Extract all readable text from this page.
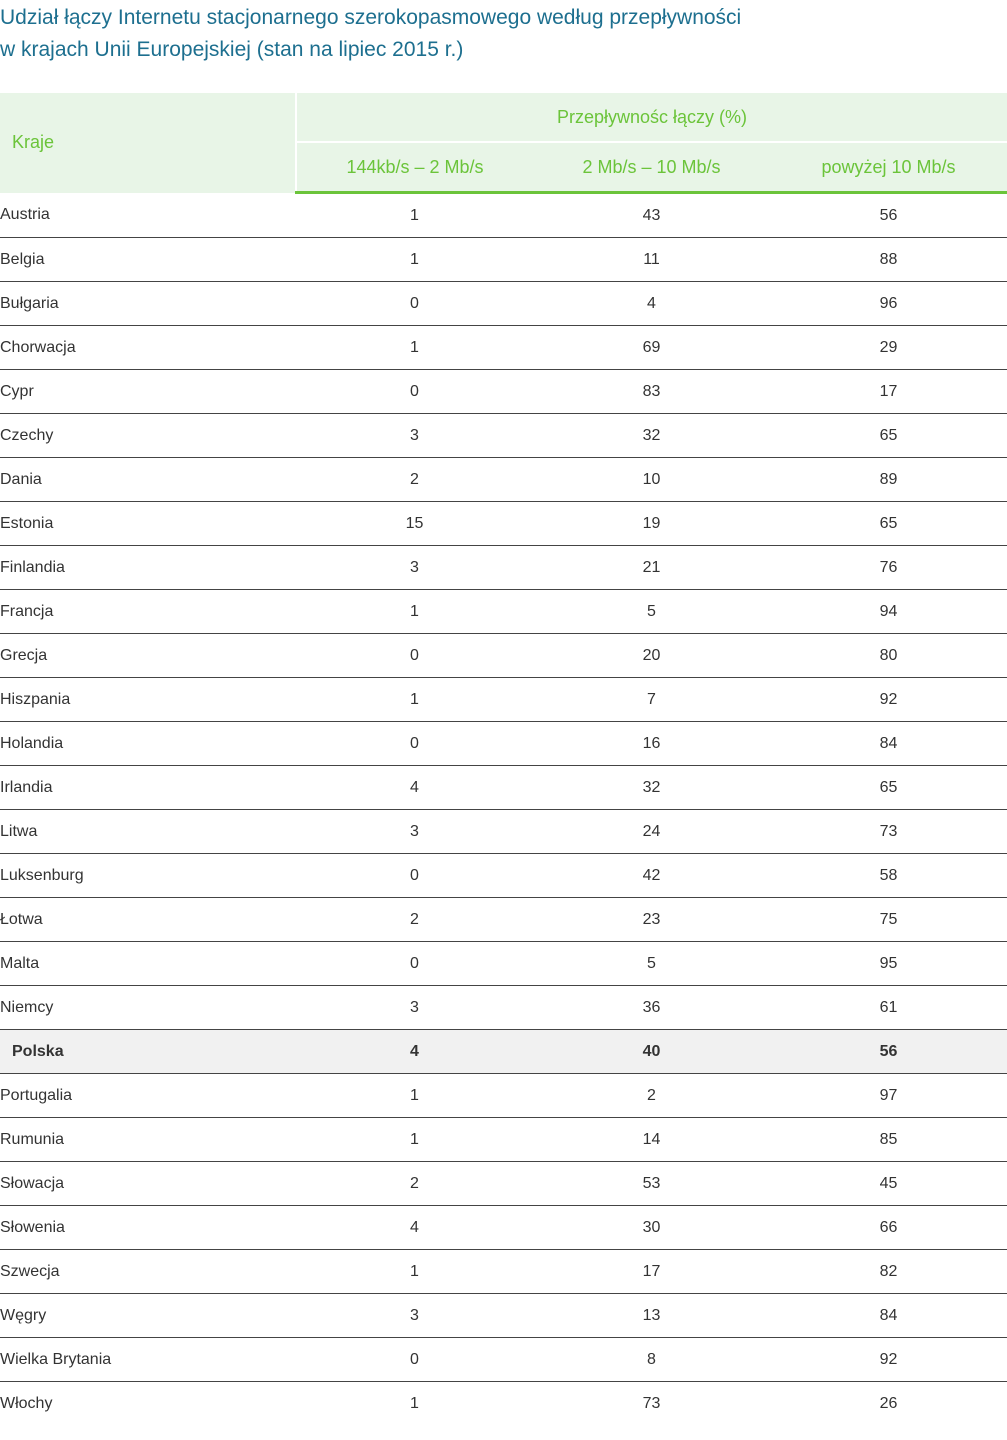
Udział łączy Internetu stacjonarnego szerokopasmowego według przepływności
w krajach Unii Europejskiej (stan na lipiec 2015 r.)
Kraje	Przepływnośc łączy (%)		
	144kb/s – 2 Mb/s	2 Mb/s – 10 Mb/s	powyżej 10 Mb/s
Austria	1	43	56
Belgia	1	11	88
Bułgaria	0	4	96
Chorwacja	1	69	29
Cypr	0	83	17
Czechy	3	32	65
Dania	2	10	89
Estonia	15	19	65
Finlandia	3	21	76
Francja	1	5	94
Grecja	0	20	80
Hiszpania	1	7	92
Holandia	0	16	84
Irlandia	4	32	65
Litwa	3	24	73
Luksenburg	0	42	58
Łotwa	2	23	75
Malta	0	5	95
Niemcy	3	36	61
Polska	4	40	56
Portugalia	1	2	97
Rumunia	1	14	85
Słowacja	2	53	45
Słowenia	4	30	66
Szwecja	1	17	82
Węgry	3	13	84
Wielka Brytania	0	8	92
Włochy	1	73	26
